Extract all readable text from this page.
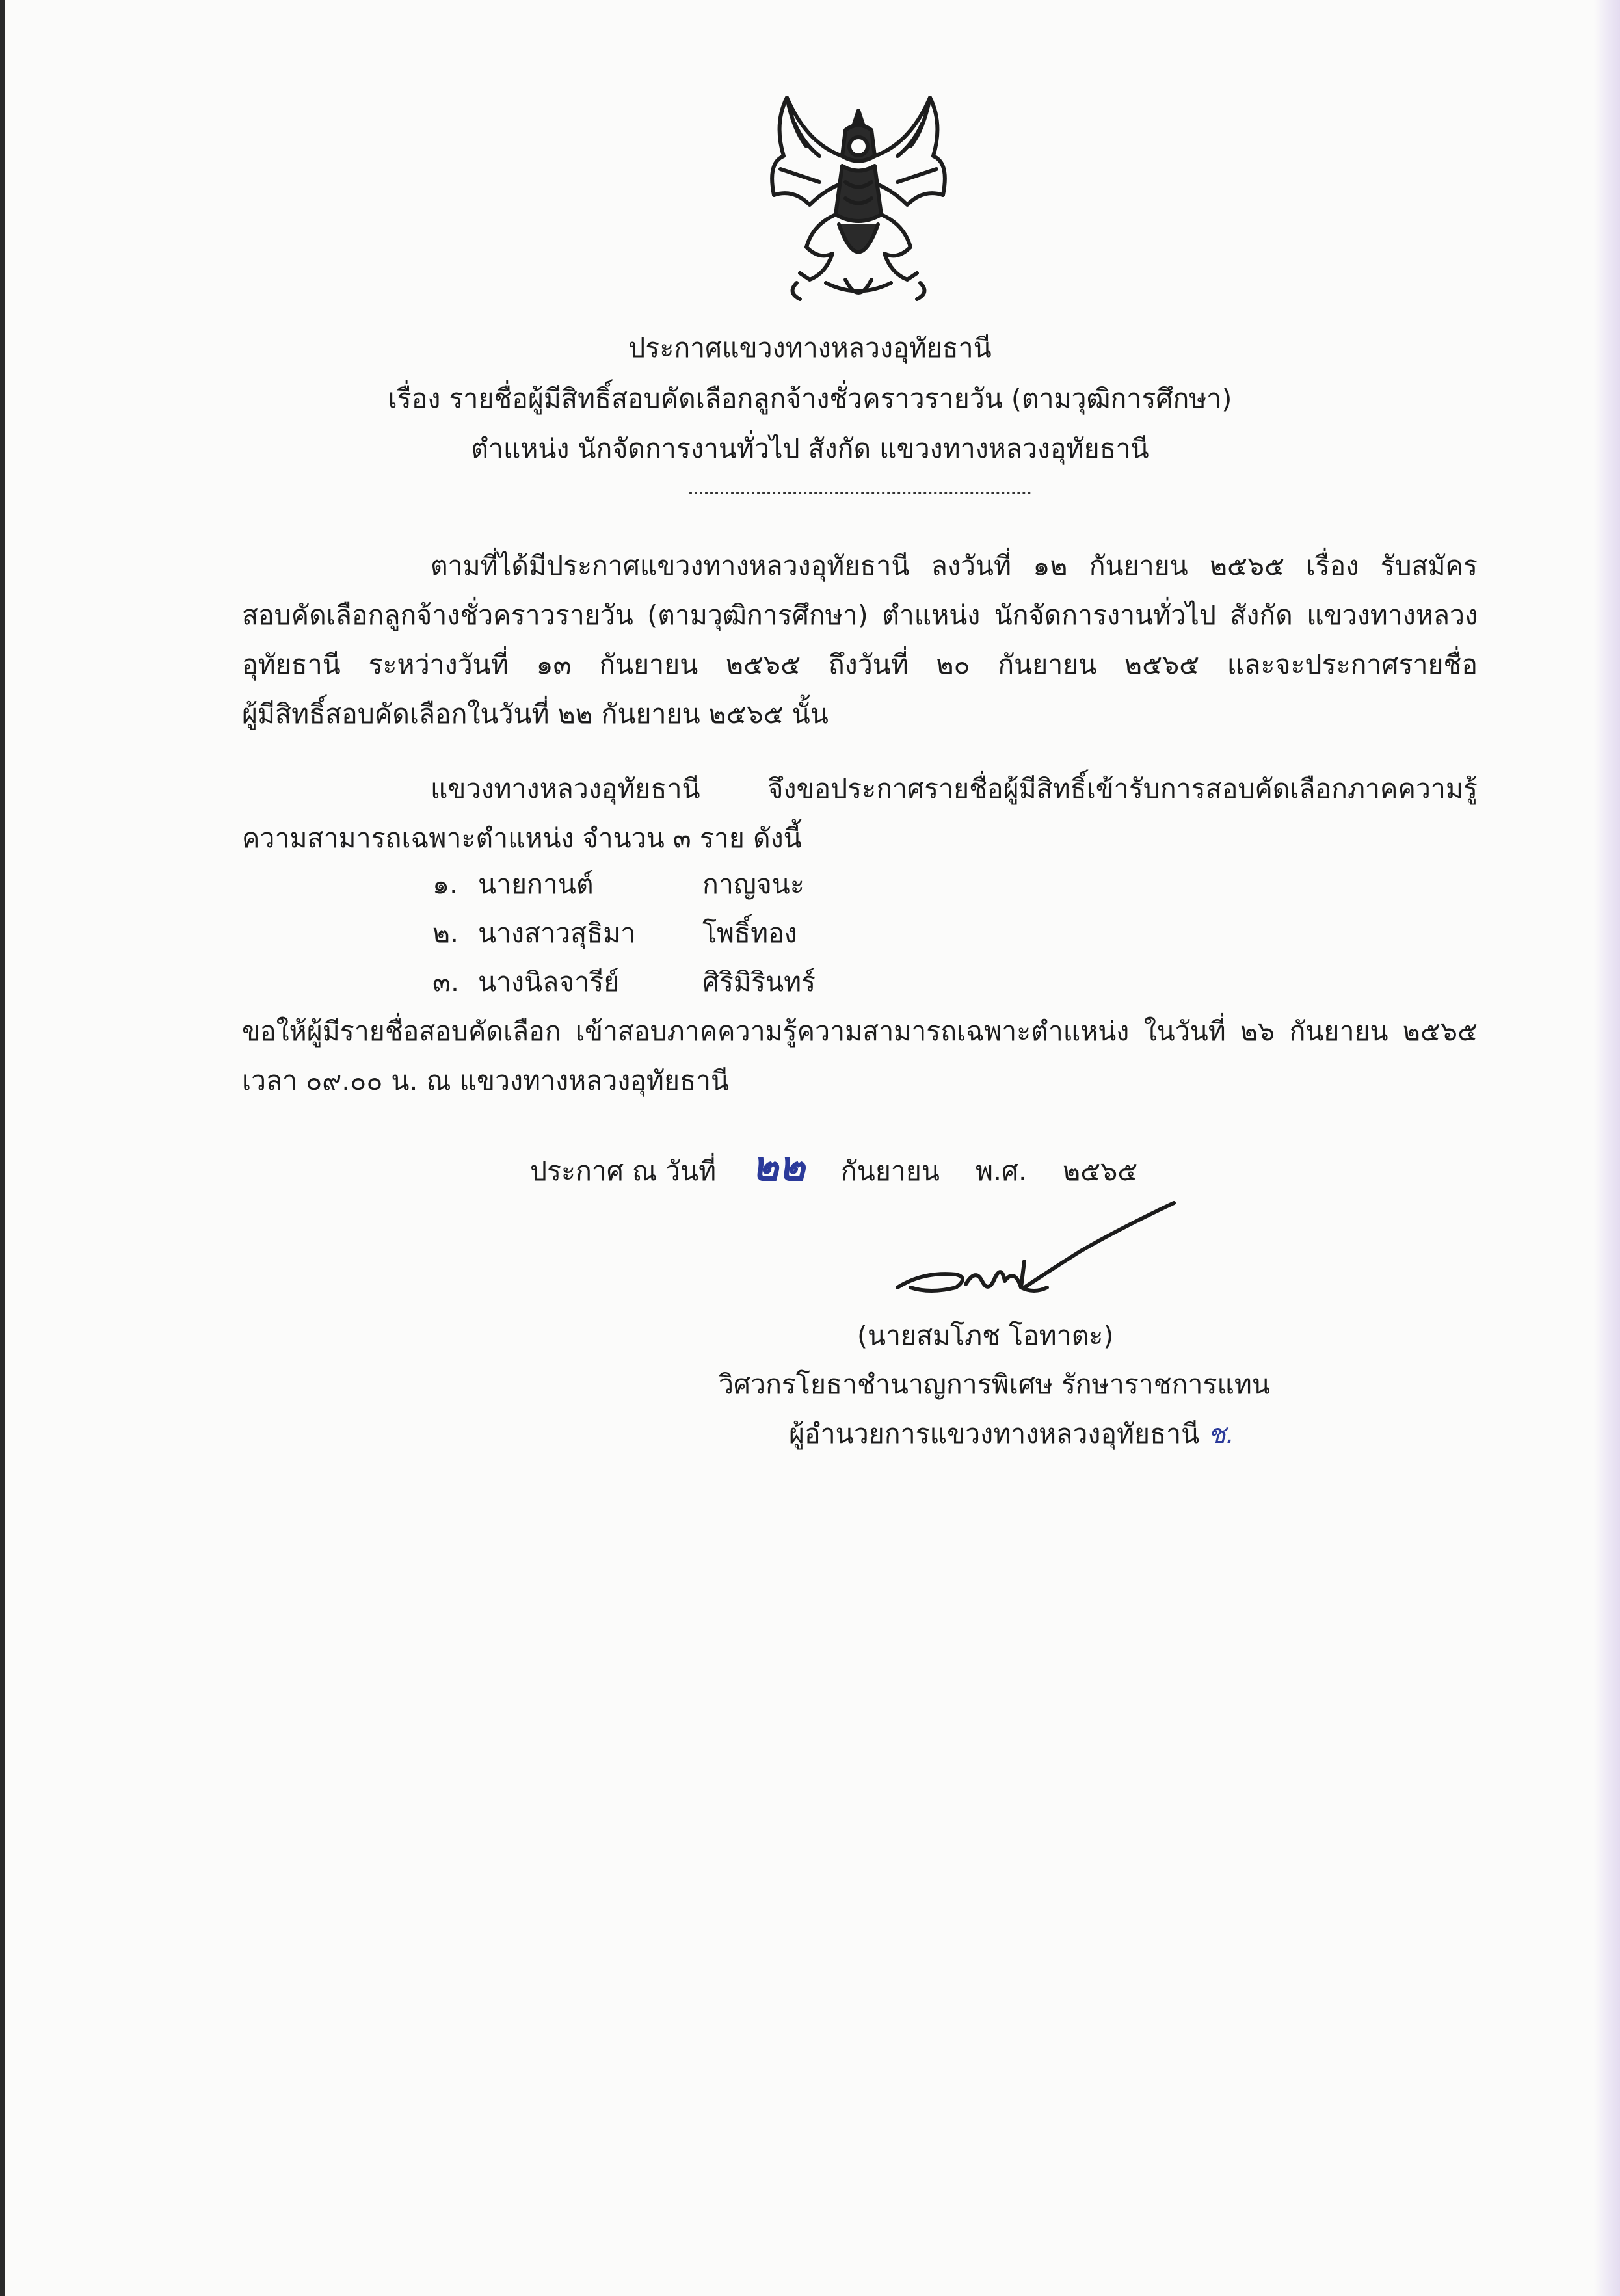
ประกาศแขวงทางหลวงอุทัยธานี
เรื่อง รายชื่อผู้มีสิทธิ์สอบคัดเลือกลูกจ้างชั่วคราวรายวัน (ตามวุฒิการศึกษา)
ตำแหน่ง นักจัดการงานทั่วไป สังกัด แขวงทางหลวงอุทัยธานี
ตามที่ได้มีประกาศแขวงทางหลวงอุทัยธานี ลงวันที่ ๑๒ กันยายน ๒๕๖๕ เรื่อง รับสมัคร
สอบคัดเลือกลูกจ้างชั่วคราวรายวัน (ตามวุฒิการศึกษา) ตำแหน่ง นักจัดการงานทั่วไป สังกัด แขวงทางหลวง
อุทัยธานี ระหว่างวันที่ ๑๓ กันยายน ๒๕๖๕ ถึงวันที่ ๒๐ กันยายน ๒๕๖๕ และจะประกาศรายชื่อ
ผู้มีสิทธิ์สอบคัดเลือกในวันที่ ๒๒ กันยายน ๒๕๖๕ นั้น
แขวงทางหลวงอุทัยธานี จึงขอประกาศรายชื่อผู้มีสิทธิ์เข้ารับการสอบคัดเลือกภาคความรู้
ความสามารถเฉพาะตำแหน่ง จำนวน ๓ ราย ดังนี้
๑. นายกานต์	กาญจนะ
๒. นางสาวสุธิมา	โพธิ์ทอง
๓. นางนิลจารีย์	ศิริมิรินทร์
ขอให้ผู้มีรายชื่อสอบคัดเลือก เข้าสอบภาคความรู้ความสามารถเฉพาะตำแหน่ง ในวันที่ ๒๖ กันยายน ๒๕๖๕
เวลา ๐๙.๐๐ น. ณ แขวงทางหลวงอุทัยธานี
ประกาศ ณ วันที่ ๒๒ กันยายน พ.ศ. ๒๕๖๕
(นายสมโภช โอทาตะ)
วิศวกรโยธาชำนาญการพิเศษ รักษาราชการแทน
ผู้อำนวยการแขวงทางหลวงอุทัยธานี ช.
